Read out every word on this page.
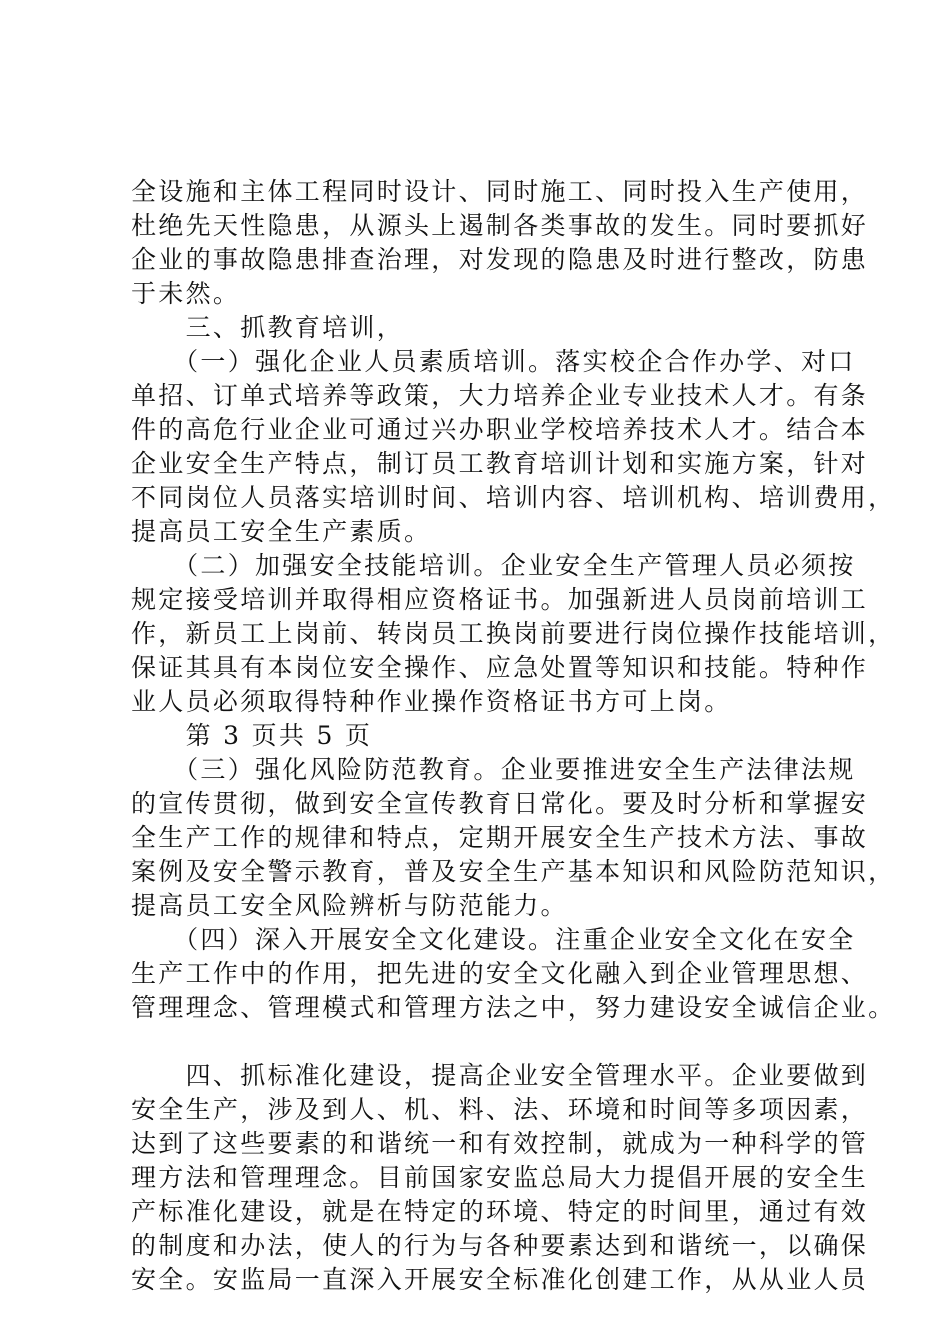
全设施和主体工程同时设计、同时施工、同时投入生产使用，
杜绝先天性隐患，从源头上遏制各类事故的发生。同时要抓好
企业的事故隐患排查治理，对发现的隐患及时进行整改，防患
于未然。
　　三、抓教育培训，
　　（一）强化企业人员素质培训。落实校企合作办学、对口
单招、订单式培养等政策，大力培养企业专业技术人才。有条
件的高危行业企业可通过兴办职业学校培养技术人才。结合本
企业安全生产特点，制订员工教育培训计划和实施方案，针对
不同岗位人员落实培训时间、培训内容、培训机构、培训费用，
提高员工安全生产素质。
　　（二）加强安全技能培训。企业安全生产管理人员必须按
规定接受培训并取得相应资格证书。加强新进人员岗前培训工
作，新员工上岗前、转岗员工换岗前要进行岗位操作技能培训，
保证其具有本岗位安全操作、应急处置等知识和技能。特种作
业人员必须取得特种作业操作资格证书方可上岗。
　　第 3 页共 5 页
　　（三）强化风险防范教育。企业要推进安全生产法律法规
的宣传贯彻，做到安全宣传教育日常化。要及时分析和掌握安
全生产工作的规律和特点，定期开展安全生产技术方法、事故
案例及安全警示教育，普及安全生产基本知识和风险防范知识，
提高员工安全风险辨析与防范能力。
　　（四）深入开展安全文化建设。注重企业安全文化在安全
生产工作中的作用，把先进的安全文化融入到企业管理思想、
管理理念、管理模式和管理方法之中，努力建设安全诚信企业。
　　四、抓标准化建设，提高企业安全管理水平。企业要做到
安全生产，涉及到人、机、料、法、环境和时间等多项因素，
达到了这些要素的和谐统一和有效控制，就成为一种科学的管
理方法和管理理念。目前国家安监总局大力提倡开展的安全生
产标准化建设，就是在特定的环境、特定的时间里，通过有效
的制度和办法，使人的行为与各种要素达到和谐统一，以确保
安全。安监局一直深入开展安全标准化创建工作，从从业人员
